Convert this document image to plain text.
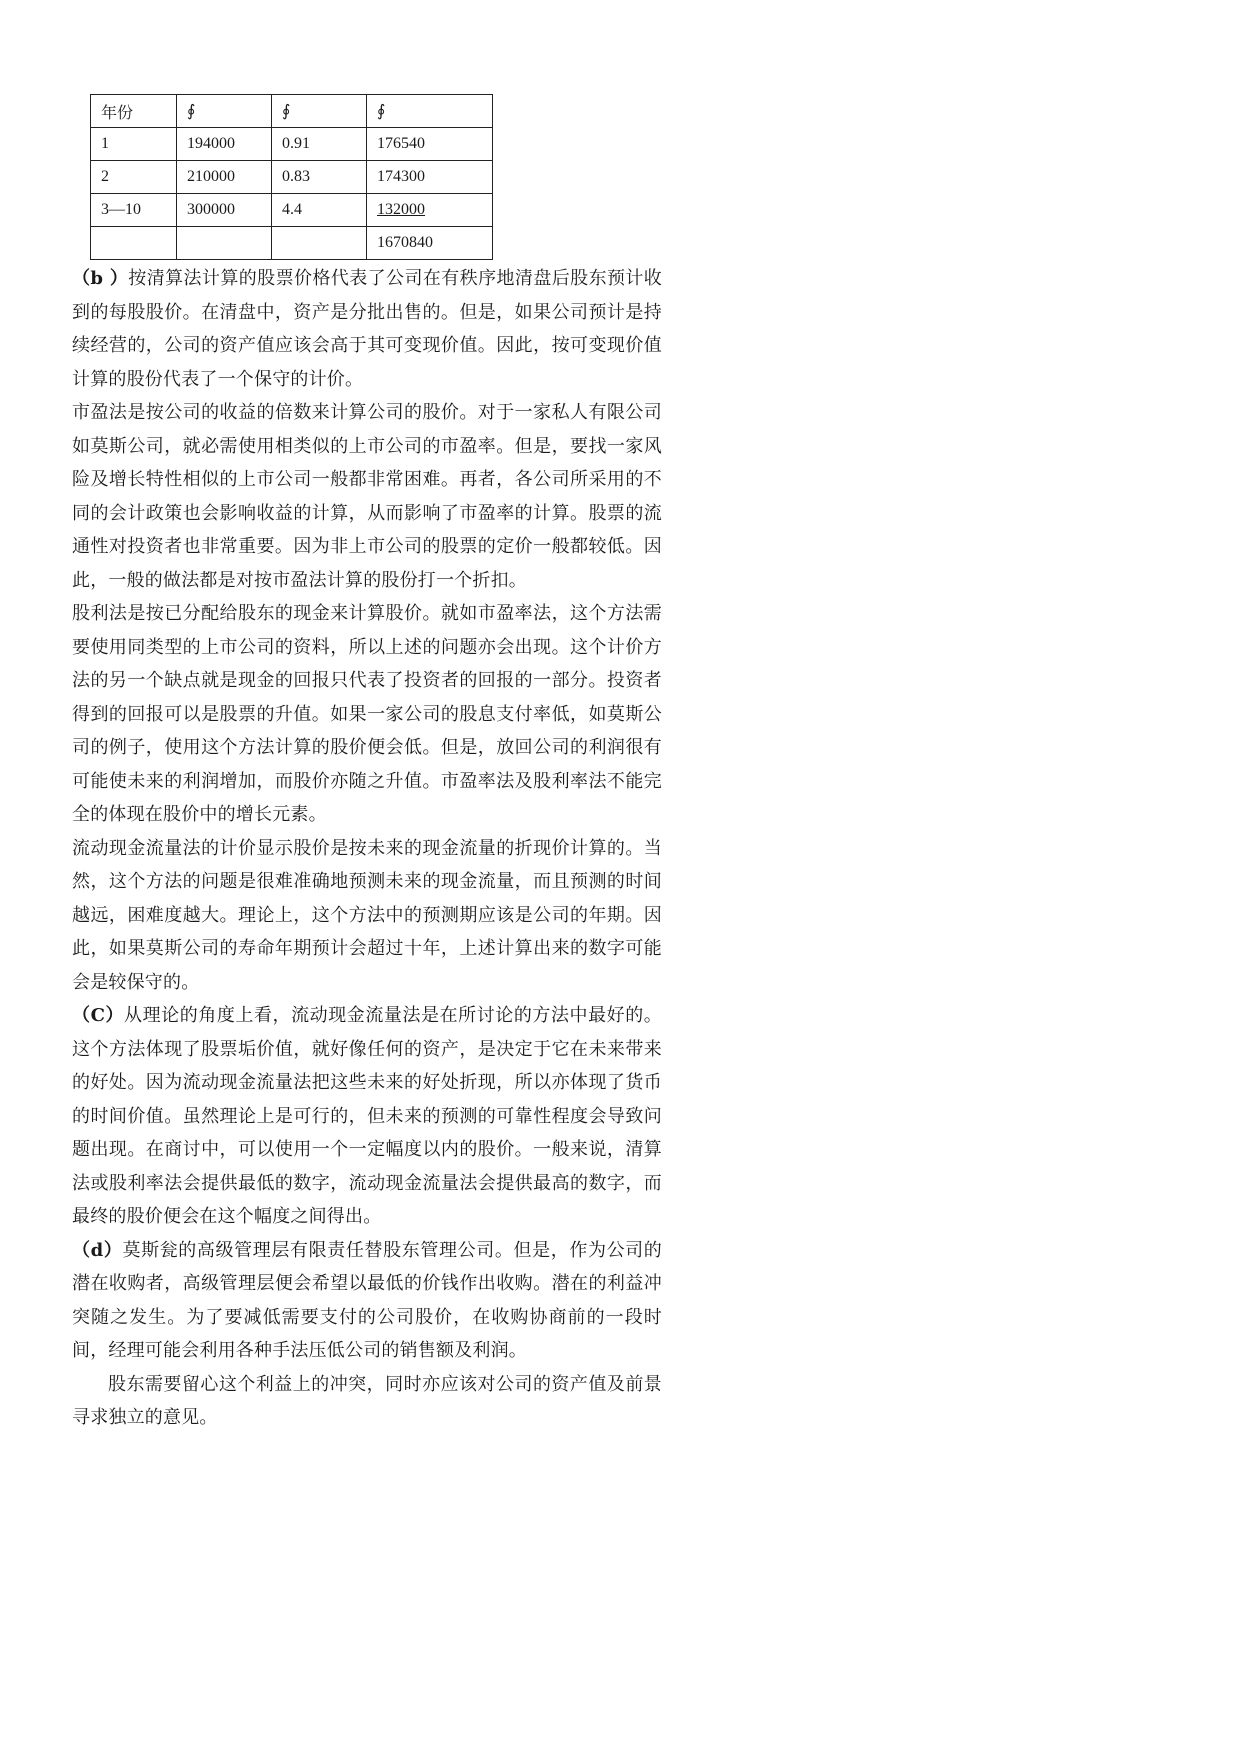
年份	∮	∮	∮
1	194000	0.91	176540
2	210000	0.83	174300
3—10	300000	4.4	132000
			1670840

（b ）按清算法计算的股票价格代表了公司在有秩序地清盘后股东预计收到的每股股价。在清盘中，资产是分批出售的。但是，如果公司预计是持续经营的，公司的资产值应该会高于其可变现价值。因此，按可变现价值计算的股份代表了一个保守的计价。

市盈法是按公司的收益的倍数来计算公司的股价。对于一家私人有限公司如莫斯公司，就必需使用相类似的上市公司的市盈率。但是，要找一家风险及增长特性相似的上市公司一般都非常困难。再者，各公司所采用的不同的会计政策也会影响收益的计算，从而影响了市盈率的计算。股票的流通性对投资者也非常重要。因为非上市公司的股票的定价一般都较低。因此，一般的做法都是对按市盈法计算的股份打一个折扣。

股利法是按已分配给股东的现金来计算股价。就如市盈率法，这个方法需要使用同类型的上市公司的资料，所以上述的问题亦会出现。这个计价方法的另一个缺点就是现金的回报只代表了投资者的回报的一部分。投资者得到的回报可以是股票的升值。如果一家公司的股息支付率低，如莫斯公司的例子，使用这个方法计算的股价便会低。但是，放回公司的利润很有可能使未来的利润增加，而股价亦随之升值。市盈率法及股利率法不能完全的体现在股价中的增长元素。

流动现金流量法的计价显示股价是按未来的现金流量的折现价计算的。当然，这个方法的问题是很难准确地预测未来的现金流量，而且预测的时间越远，困难度越大。理论上，这个方法中的预测期应该是公司的年期。因此，如果莫斯公司的寿命年期预计会超过十年，上述计算出来的数字可能会是较保守的。

（C）从理论的角度上看，流动现金流量法是在所讨论的方法中最好的。这个方法体现了股票垢价值，就好像任何的资产，是决定于它在未来带来的好处。因为流动现金流量法把这些未来的好处折现，所以亦体现了货币的时间价值。虽然理论上是可行的，但未来的预测的可靠性程度会导致问题出现。在商讨中，可以使用一个一定幅度以内的股价。一般来说，清算法或股利率法会提供最低的数字，流动现金流量法会提供最高的数字，而最终的股价便会在这个幅度之间得出。

（d）莫斯瓮的高级管理层有限责任替股东管理公司。但是，作为公司的潜在收购者，高级管理层便会希望以最低的价钱作出收购。潜在的利益冲突随之发生。为了要减低需要支付的公司股价，在收购协商前的一段时间，经理可能会利用各种手法压低公司的销售额及利润。

股东需要留心这个利益上的冲突，同时亦应该对公司的资产值及前景寻求独立的意见。
